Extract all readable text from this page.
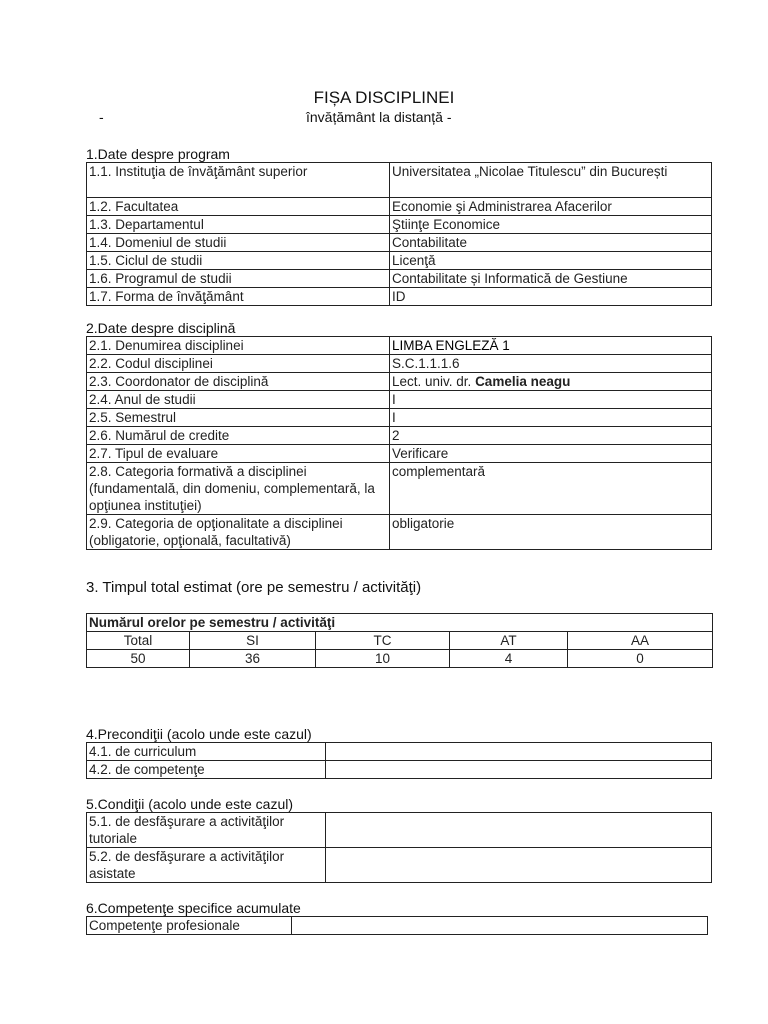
FIȘA DISCIPLINEI
-	învățământ la distanță -
1.Date despre program
1.1. Instituţia de învăţământ superior	Universitatea „Nicolae Titulescu” din București
1.2. Facultatea	Economie şi Administrarea Afacerilor
1.3. Departamentul	Ştiinţe Economice
1.4. Domeniul de studii	Contabilitate
1.5. Ciclul de studii	Licenţă
1.6. Programul de studii	Contabilitate și Informatică de Gestiune
1.7. Forma de învăţământ	ID
2.Date despre disciplină
2.1. Denumirea disciplinei	LIMBA ENGLEZĂ 1
2.2. Codul disciplinei	S.C.1.1.1.6
2.3. Coordonator de disciplină	Lect. univ. dr. Camelia neagu
2.4. Anul de studii	I
2.5. Semestrul	I
2.6. Numărul de credite	2
2.7. Tipul de evaluare	Verificare
2.8. Categoria formativă a disciplinei (fundamentală, din domeniu, complementară, la opţiunea instituţiei)	complementară
2.9. Categoria de opţionalitate a disciplinei (obligatorie, opţională, facultativă)	obligatorie
3. Timpul total estimat (ore pe semestru / activităţi)
Numărul orelor pe semestru / activităţi				
Total	SI	TC	AT	AA
50	36	10	4	0
4.Precondiţii (acolo unde este cazul)
4.1. de curriculum	
4.2. de competenţe	
5.Condiţii (acolo unde este cazul)
5.1. de desfăşurare a activităţilor tutoriale	
5.2. de desfăşurare a activităţilor asistate	
6.Competenţe specifice acumulate
Competenţe profesionale	
